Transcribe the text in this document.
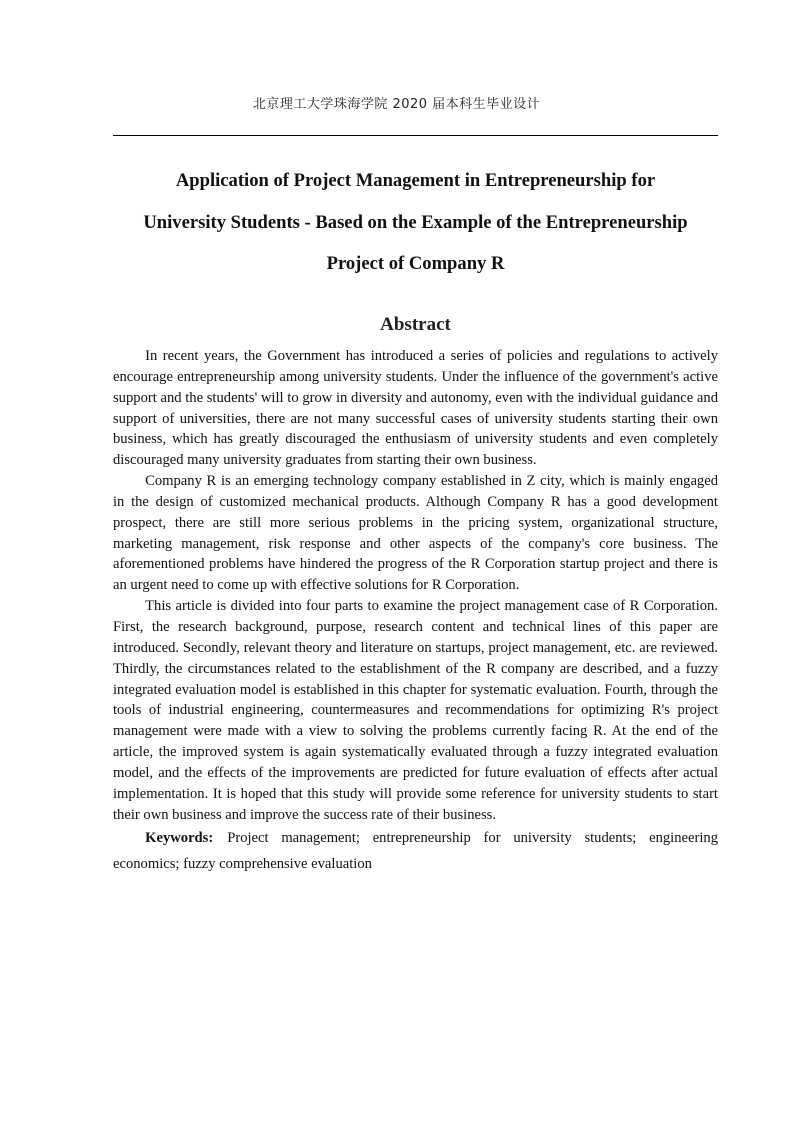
北京理工大学珠海学院 2020 届本科生毕业设计
Application of Project Management in Entrepreneurship for
University Students - Based on the Example of the Entrepreneurship
Project of Company R
Abstract

In recent years, the Government has introduced a series of policies and regulations to actively encourage entrepreneurship among university students. Under the influence of the government's active support and the students' will to grow in diversity and autonomy, even with the individual guidance and support of universities, there are not many successful cases of university students starting their own business, which has greatly discouraged the enthusiasm of university students and even completely discouraged many university graduates from starting their own business.

Company R is an emerging technology company established in Z city, which is mainly engaged in the design of customized mechanical products. Although Company R has a good development prospect, there are still more serious problems in the pricing system, organizational structure, marketing management, risk response and other aspects of the company's core business. The aforementioned problems have hindered the progress of the R Corporation startup project and there is an urgent need to come up with effective solutions for R Corporation.

This article is divided into four parts to examine the project management case of R Corporation. First, the research background, purpose, research content and technical lines of this paper are introduced. Secondly, relevant theory and literature on startups, project management, etc. are reviewed. Thirdly, the circumstances related to the establishment of the R company are described, and a fuzzy integrated evaluation model is established in this chapter for systematic evaluation. Fourth, through the tools of industrial engineering, countermeasures and recommendations for optimizing R's project management were made with a view to solving the problems currently facing R. At the end of the article, the improved system is again systematically evaluated through a fuzzy integrated evaluation model, and the effects of the improvements are predicted for future evaluation of effects after actual implementation. It is hoped that this study will provide some reference for university students to start their own business and improve the success rate of their business.

Keywords: Project management; entrepreneurship for university students; engineering economics; fuzzy comprehensive evaluation
